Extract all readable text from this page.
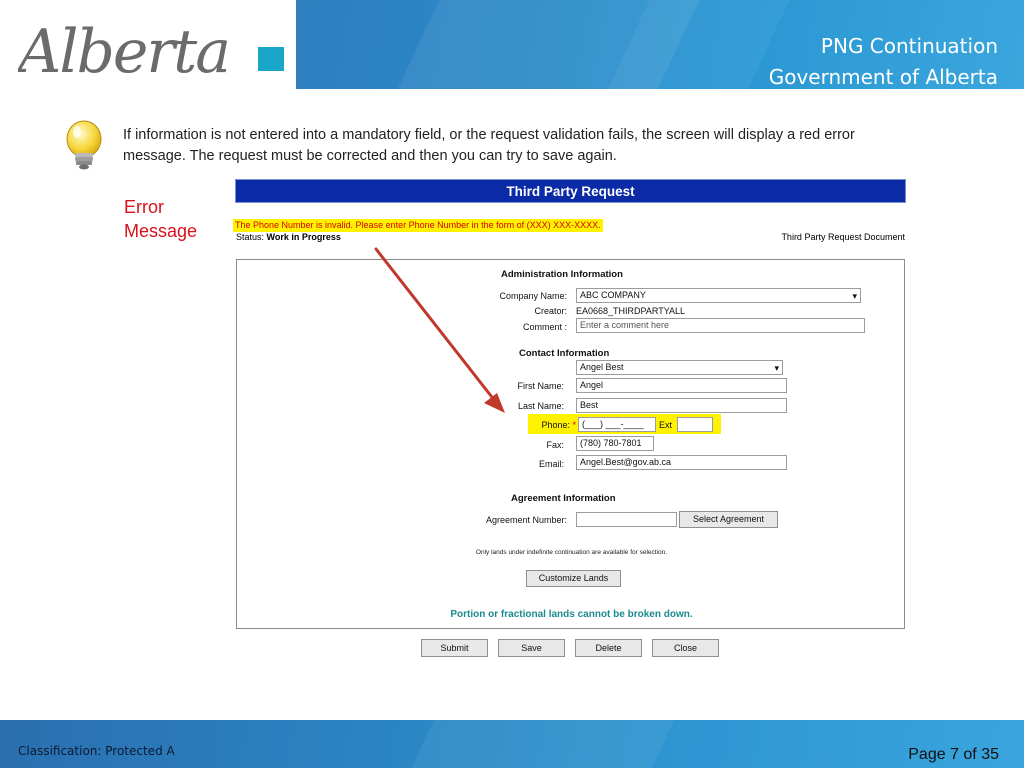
Alberta	PNG Continuation
Government of Alberta
If information is not entered into a mandatory field, or the request validation fails, the screen will display a red error message. The request must be corrected and then you can try to save again.
Error
Message
Third Party Request
The Phone Number is invalid. Please enter Phone Number in the form of (XXX) XXX-XXXX.
Status: Work in Progress	Third Party Request Document
Administration Information
Company Name:	ABC COMPANY	▾
Creator: EA0668_THIRDPARTYALL
Comment :	Enter a comment here
Contact Information
Angel Best	▾
First Name:	Angel
Last Name:	Best
Phone: * (___) ___-____	Ext
Fax:	(780) 780-7801
Email:	Angel.Best@gov.ab.ca
Agreement Information
Agreement Number:	Select Agreement
Only lands under indefinite continuation are available for selection.
Customize Lands
Portion or fractional lands cannot be broken down.
Submit	Save	Delete	Close
Classification: Protected A	Page 7 of 35
